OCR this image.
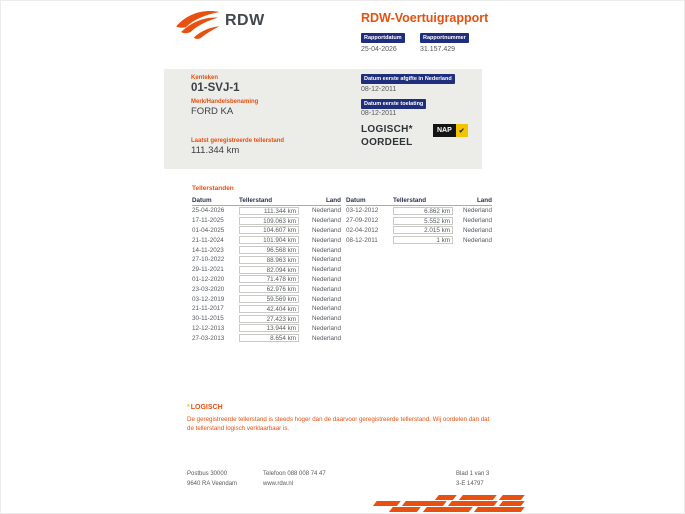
RDW	RDW-Voertuigrapport
Rapportdatum	Rapportnummer
25-04-2026	31.157.429
Kenteken
01-SVJ-1
Merk/Handelsbenaming
FORD KA
Laatst geregistreerde tellerstand
111.344 km
Datum eerste afgifte in Nederland
08-12-2011
Datum eerste toelating
08-12-2011
LOGISCH*
OORDEEL
NAP	✔
Tellerstanden
Datum	Tellerstand	Land
25-04-2026	111.344 km	Nederland
17-11-2025	109.063 km	Nederland
01-04-2025	104.607 km	Nederland
21-11-2024	101.904 km	Nederland
14-11-2023	96.568 km	Nederland
27-10-2022	88.963 km	Nederland
29-11-2021	82.094 km	Nederland
01-12-2020	71.478 km	Nederland
23-03-2020	62.976 km	Nederland
03-12-2019	59.569 km	Nederland
21-11-2017	42.404 km	Nederland
30-11-2015	27.423 km	Nederland
12-12-2013	13.944 km	Nederland
27-03-2013	8.654 km	Nederland
Datum	Tellerstand	Land
03-12-2012	6.862 km	Nederland
27-09-2012	5.552 km	Nederland
02-04-2012	2.015 km	Nederland
08-12-2011	1 km	Nederland
*LOGISCH
De geregistreerde tellerstand is steeds hoger dan de daarvoor geregistreerde tellerstand. Wij oordelen dan dat de tellerstand logisch verklaarbaar is.
Postbus 30000
9640 RA Veendam
Telefoon 088 008 74 47
www.rdw.nl
Blad 1 van 3
3-E 14797
